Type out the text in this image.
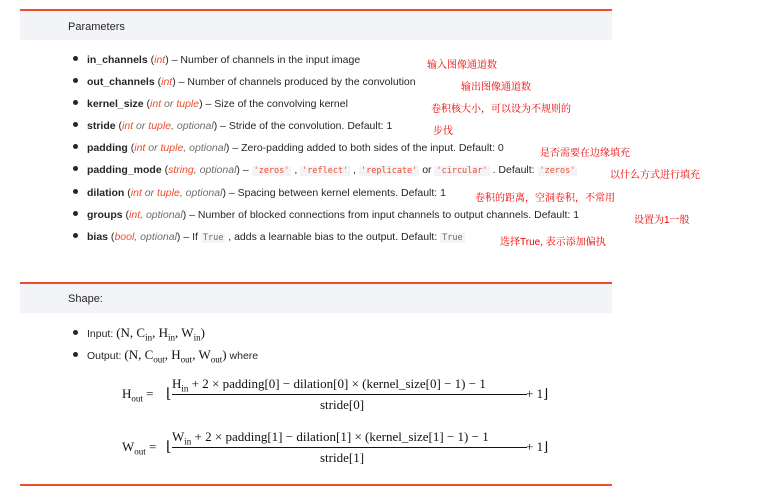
Parameters
in_channels (int) – Number of channels in the input image	输入图像通道数
out_channels (int) – Number of channels produced by the convolution	输出图像通道数
kernel_size (int or tuple) – Size of the convolving kernel	卷积核大小，可以设为不规则的
stride (int or tuple, optional) – Stride of the convolution. Default: 1	步伐
padding (int or tuple, optional) – Zero-padding added to both sides of the input. Default: 0	是否需要在边缘填充
padding_mode (string, optional) – 'zeros' , 'reflect' , 'replicate' or 'circular' . Default: 'zeros'	以什么方式进行填充
dilation (int or tuple, optional) – Spacing between kernel elements. Default: 1	卷积的距离，空洞卷积，不常用
groups (int, optional) – Number of blocked connections from input channels to output channels. Default: 1	设置为1一般
bias (bool, optional) – If True , adds a learnable bias to the output. Default: True	选择True, 表示添加偏执
Shape:
Input: (N, $C_{in}$, $H_{in}$, $W_{in}$)
Output: (N, $C_{out}$, $H_{out}$, $W_{out}$) where
$H_{out}$ = ⌊
$H_{in} + 2$ × padding[0] − dilation[0] × (kernel_size[0] − 1) − 1
stride[0]
+ 1⌋
$W_{out}$ = ⌊
$W_{in} + 2$ × padding[1] − dilation[1] × (kernel_size[1] − 1) − 1
stride[1]
+ 1⌋
